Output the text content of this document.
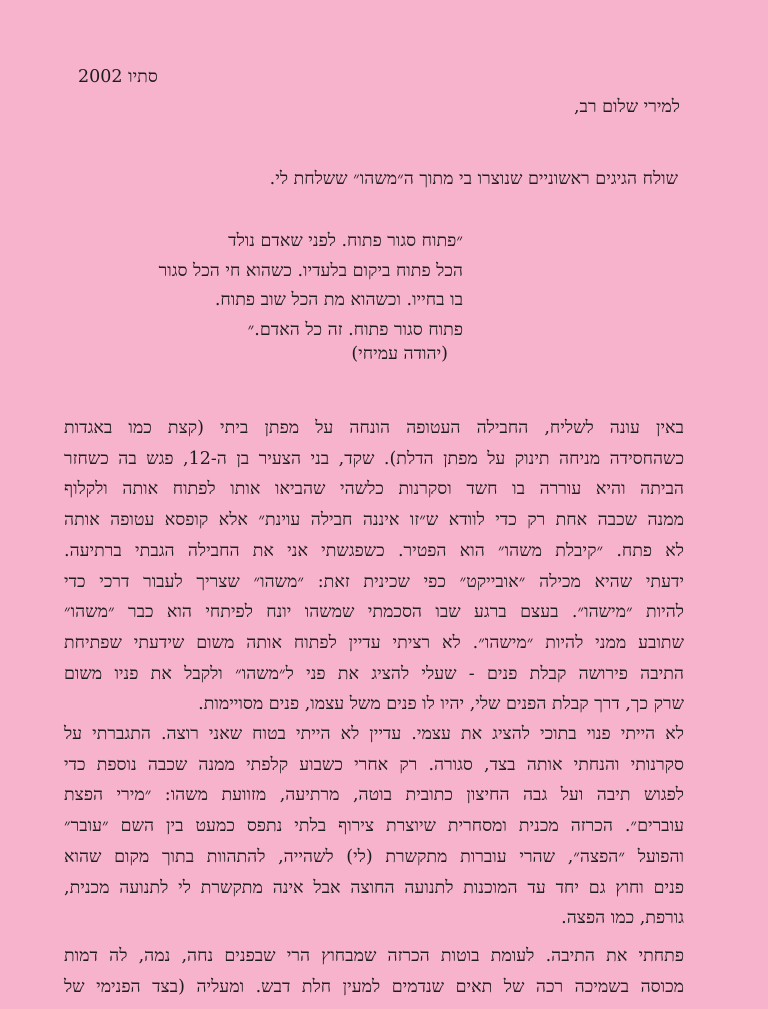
סתיו 2002
למירי שלום רב,
שולח הגיגים ראשוניים שנוצרו בי מתוך ה״משהו״ ששלחת לי.
״פתוח סגור פתוח. לפני שאדם נולד
הכל פתוח ביקום בלעדיו. כשהוא חי הכל סגור
בו בחייו. וכשהוא מת הכל שוב פתוח.
פתוח סגור פתוח. זה כל האדם.״
(יהודה עמיחי)
באין עונה לשליח, החבילה העטופה הונחה על מפתן ביתי (קצת כמו באגדות
כשהחסידה מניחה תינוק על מפתן הדלת). שקד, בני הצעיר בן ה-12, פגש בה כשחזר
הביתה והיא עוררה בו חשד וסקרנות כלשהי שהביאו אותו לפתוח אותה ולקלוף
ממנה שכבה אחת רק כדי לוודא ש״זו איננה חבילה עוינת״ אלא קופסא עטופה אותה
לא פתח. ״קיבלת משהו״ הוא הפטיר. כשפגשתי אני את החבילה הגבתי ברתיעה.
ידעתי שהיא מכילה ״אובייקט״ כפי שכינית זאת: ״משהו״ שצריך לעבור דרכי כדי
להיות ״מישהו״. בעצם ברגע שבו הסכמתי שמשהו יונח לפיתחי הוא כבר ״משהו״
שתובע ממני להיות ״מישהו״. לא רציתי עדיין לפתוח אותה משום שידעתי שפתיחת
התיבה פירושה קבלת פנים - שעלי להציג את פני ל״משהו״ ולקבל את פניו משום
שרק כך, דרך קבלת הפנים שלי, יהיו לו פנים משל עצמו, פנים מסויימות.
לא הייתי פנוי בתוכי להציג את עצמי. עדיין לא הייתי בטוח שאני רוצה. התגברתי על
סקרנותי והנחתי אותה בצד, סגורה. רק אחרי כשבוע קלפתי ממנה שכבה נוספת כדי
לפגוש תיבה ועל גבה החיצון כתובית בוטה, מרתיעה, מזוועת משהו: ״מירי הפצת
עוברים״. הכרזה מכנית ומסחרית שיוצרת צירוף בלתי נתפס כמעט בין השם ״עובר״
והפועל ״הפצה״, שהרי עוברות מתקשרת (לי) לשהייה, להתהוות בתוך מקום שהוא
פנים וחוץ גם יחד עד המוכנות לתנועה החוצה אבל אינה מתקשרת לי לתנועה מכנית,
גורפת, כמו הפצה.
פתחתי את התיבה. לעומת בוטות הכרזה שמבחוץ הרי שבפנים נחה, נמה, לה דמות
מכוסה בשמיכה רכה של תאים שנדמים למעין חלת דבש. ומעליה (בצד הפנימי של
